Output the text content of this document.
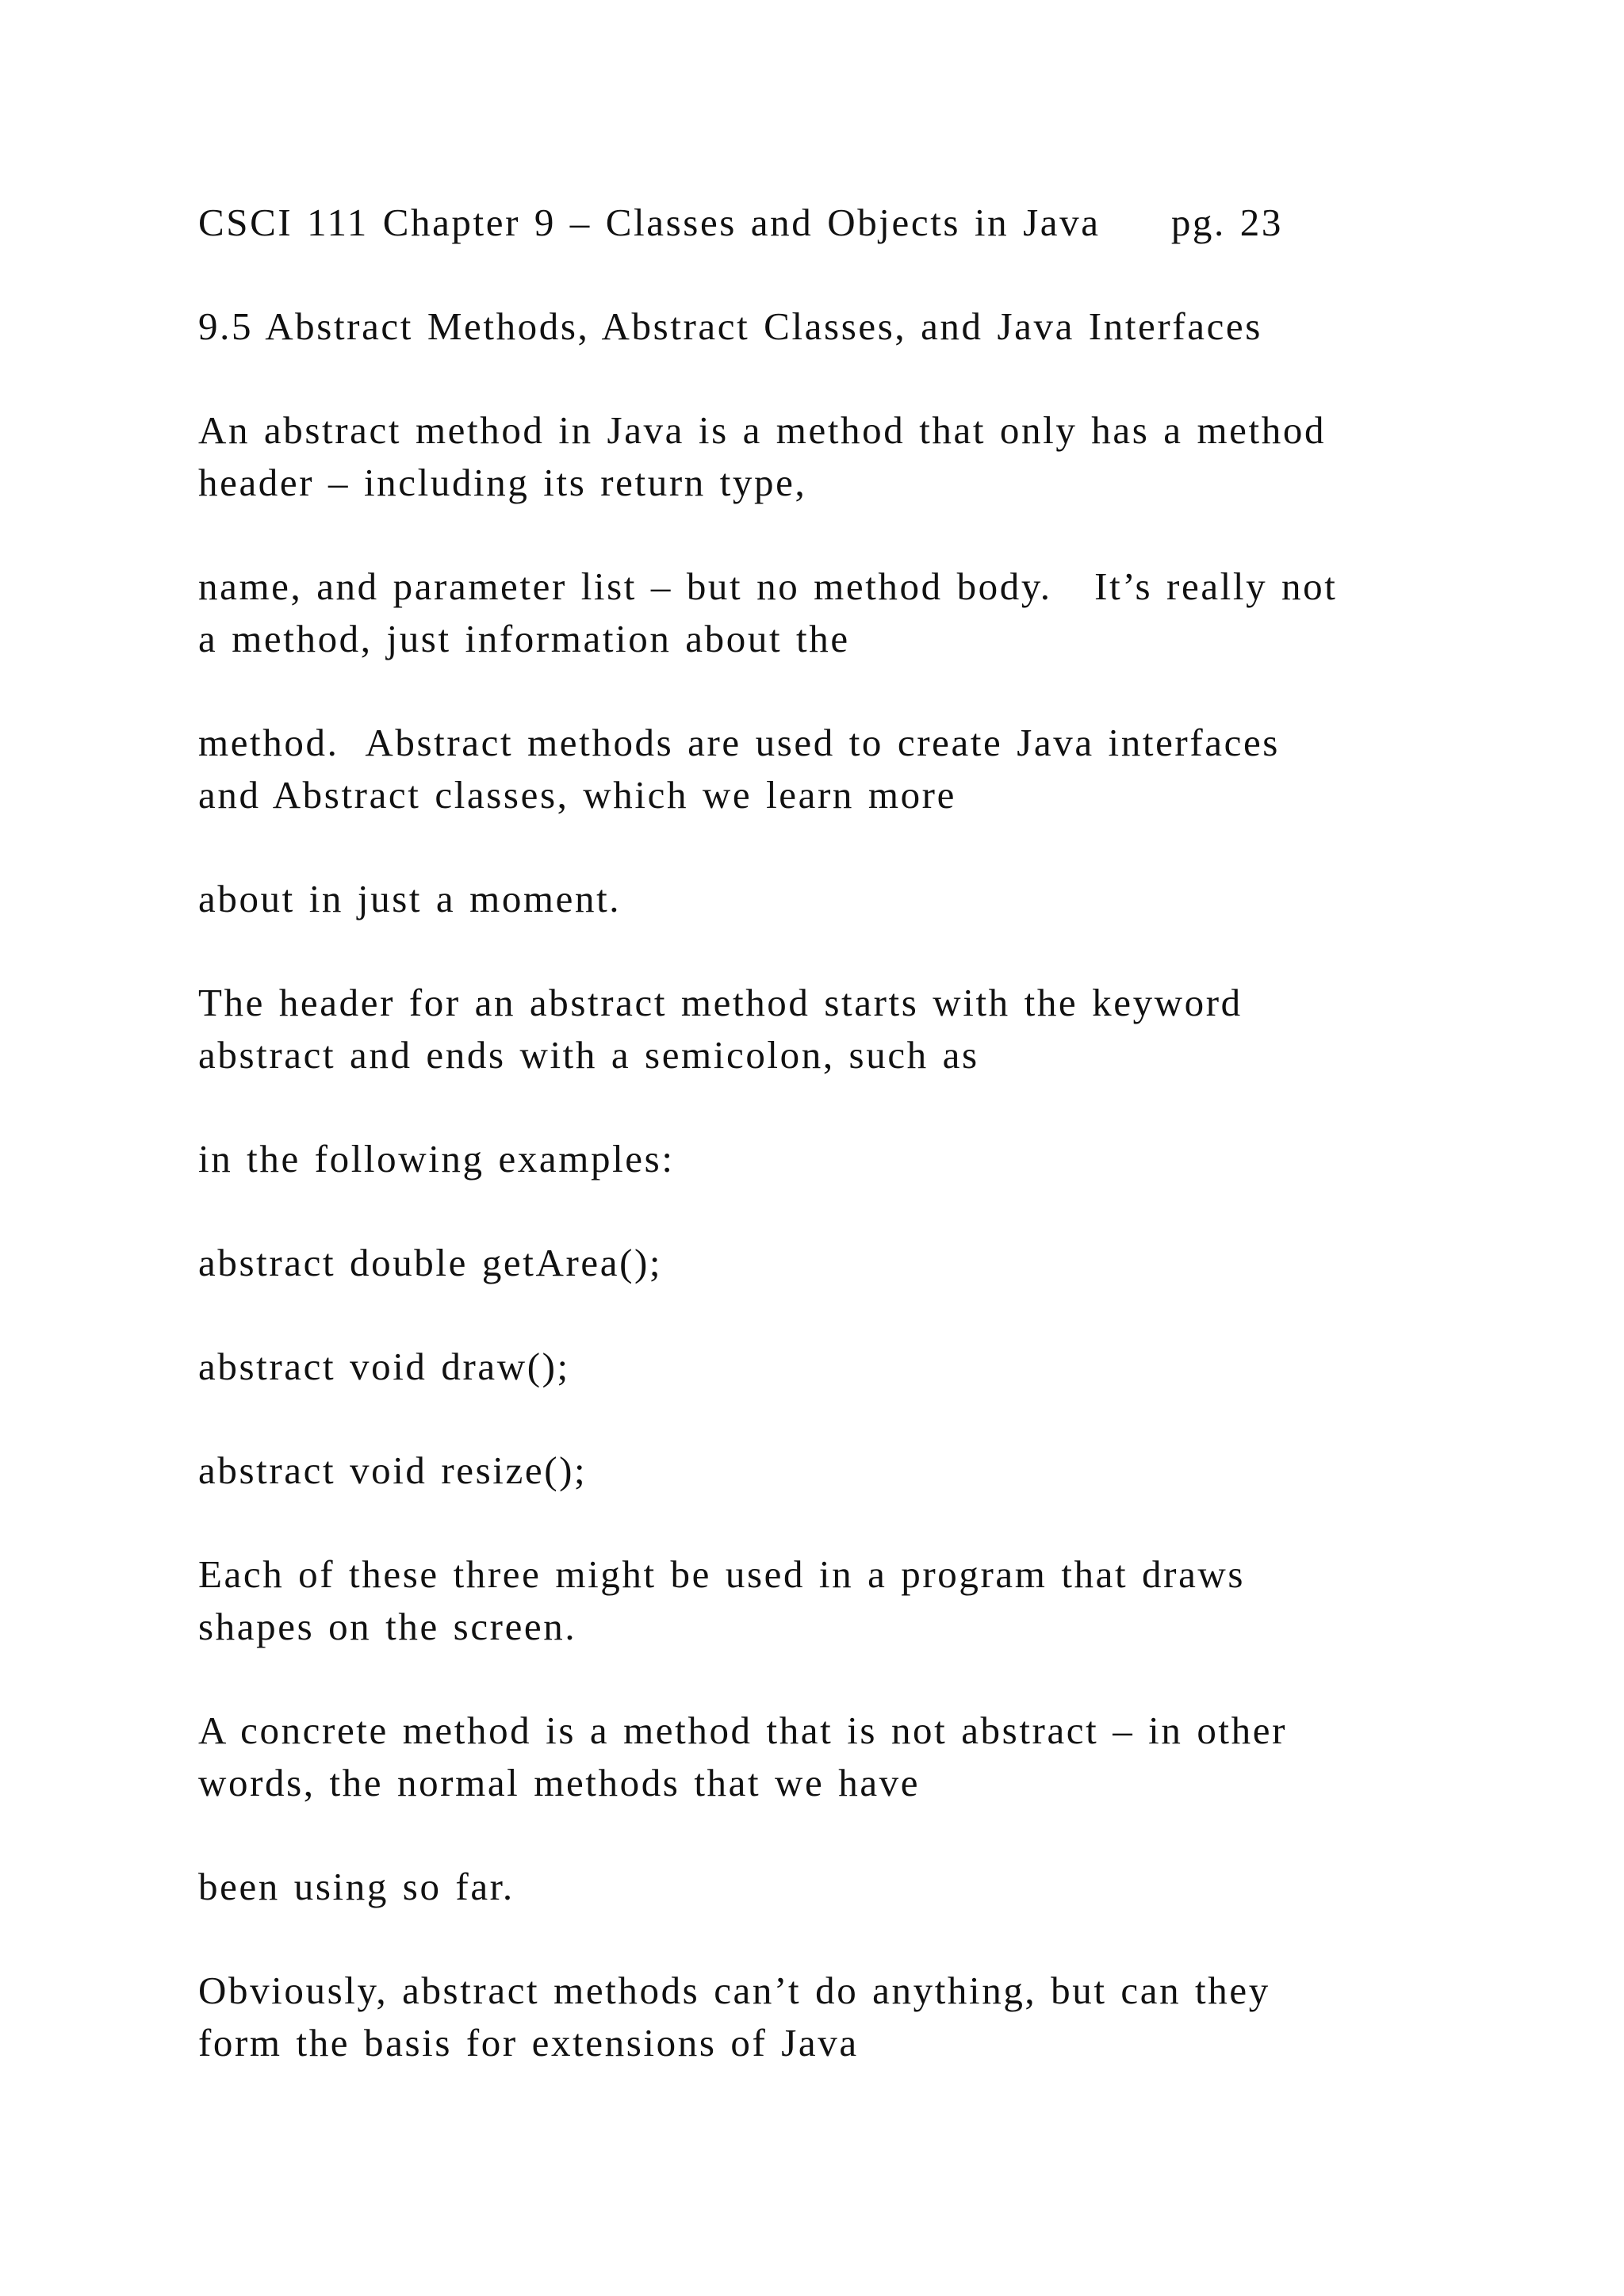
CSCI 111 Chapter 9 – Classes and Objects in Java     pg. 23

9.5 Abstract Methods, Abstract Classes, and Java Interfaces

An abstract method in Java is a method that only has a method

header – including its return type,

name, and parameter list – but no method body.   It’s really not

a method, just information about the

method.  Abstract methods are used to create Java interfaces

and Abstract classes, which we learn more

about in just a moment.

The header for an abstract method starts with the keyword

abstract and ends with a semicolon, such as

in the following examples:

abstract double getArea();

abstract void draw();

abstract void resize();

Each of these three might be used in a program that draws

shapes on the screen.

A concrete method is a method that is not abstract – in other

words, the normal methods that we have

been using so far.

Obviously, abstract methods can’t do anything, but can they

form the basis for extensions of Java
